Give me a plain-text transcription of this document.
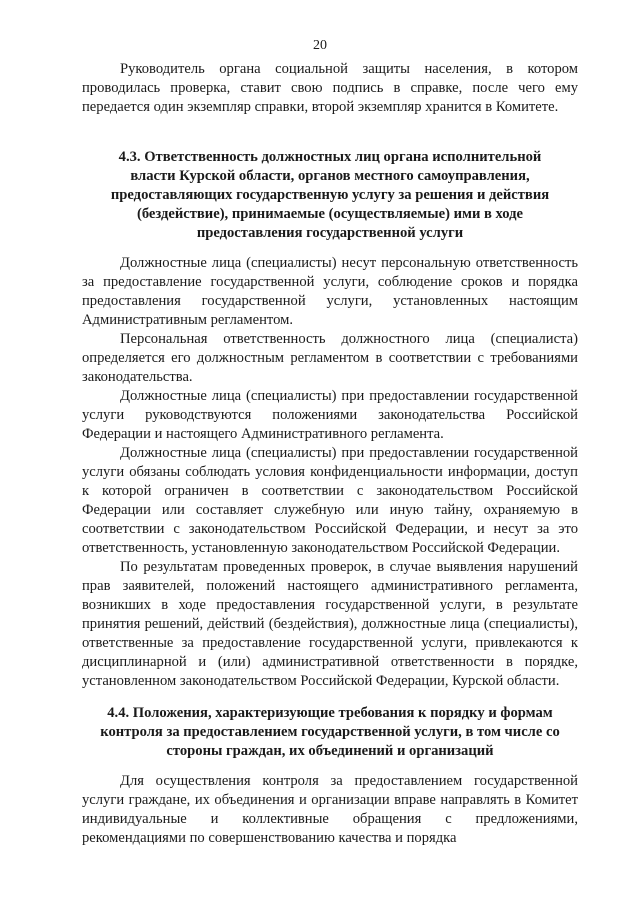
20

Руководитель органа социальной защиты населения, в котором проводилась проверка, ставит свою подпись в справке, после чего ему передается один экземпляр справки, второй экземпляр хранится в Комитете.

4.3. Ответственность должностных лиц органа исполнительной власти Курской области, органов местного самоуправления, предоставляющих государственную услугу за решения и действия (бездействие), принимаемые (осуществляемые) ими в ходе предоставления государственной услуги

Должностные лица (специалисты) несут персональную ответственность за предоставление государственной услуги, соблюдение сроков и порядка предоставления государственной услуги, установленных настоящим Административным регламентом.

Персональная ответственность должностного лица (специалиста) определяется его должностным регламентом в соответствии с требованиями законодательства.

Должностные лица (специалисты) при предоставлении государственной услуги руководствуются положениями законодательства Российской Федерации и настоящего Административного регламента.

Должностные лица (специалисты) при предоставлении государственной услуги обязаны соблюдать условия конфиденциальности информации, доступ к которой ограничен в соответствии с законодательством Российской Федерации или составляет служебную или иную тайну, охраняемую в соответствии с законодательством Российской Федерации, и несут за это ответственность, установленную законодательством Российской Федерации.

По результатам проведенных проверок, в случае выявления нарушений прав заявителей, положений настоящего административного регламента, возникших в ходе предоставления государственной услуги, в результате принятия решений, действий (бездействия), должностные лица (специалисты), ответственные за предоставление государственной услуги, привлекаются к дисциплинарной и (или) административной ответственности в порядке, установленном законодательством Российской Федерации, Курской области.

4.4. Положения, характеризующие требования к порядку и формам контроля за предоставлением государственной услуги, в том числе со стороны граждан, их объединений и организаций

Для осуществления контроля за предоставлением государственной услуги граждане, их объединения и организации вправе направлять в Комитет индивидуальные и коллективные обращения с предложениями, рекомендациями по совершенствованию качества и порядка
